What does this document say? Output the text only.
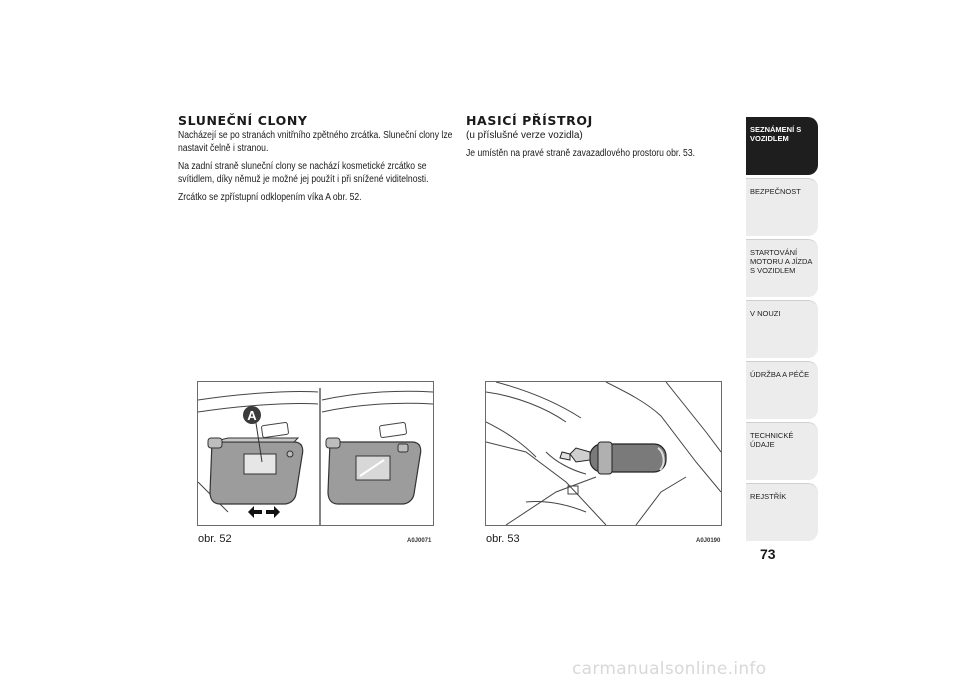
SLUNEČNÍ CLONY

Nacházejí se po stranách vnitřního zpětného zrcátka. Sluneční clony lze nastavit čelně i stranou.

Na zadní straně sluneční clony se nachází kosmetické zrcátko se svítidlem, díky němuž je možné jej použít i při snížené viditelnosti.

Zrcátko se zpřístupní odklopením víka A obr. 52.

HASICÍ PŘÍSTROJ

(u příslušné verze vozidla)

Je umístěn na pravé straně zavazadlového prostoru obr. 53.

A
obr. 52	A0J0071	obr. 53	A0J0190
SEZNÁMENÍ S VOZIDLEM
BEZPEČNOST
STARTOVÁNÍ MOTORU A JÍZDA S VOZIDLEM
V NOUZI
ÚDRŽBA A PÉČE
TECHNICKÉ ÚDAJE
REJSTŘÍK
73
carmanualsonline.info
